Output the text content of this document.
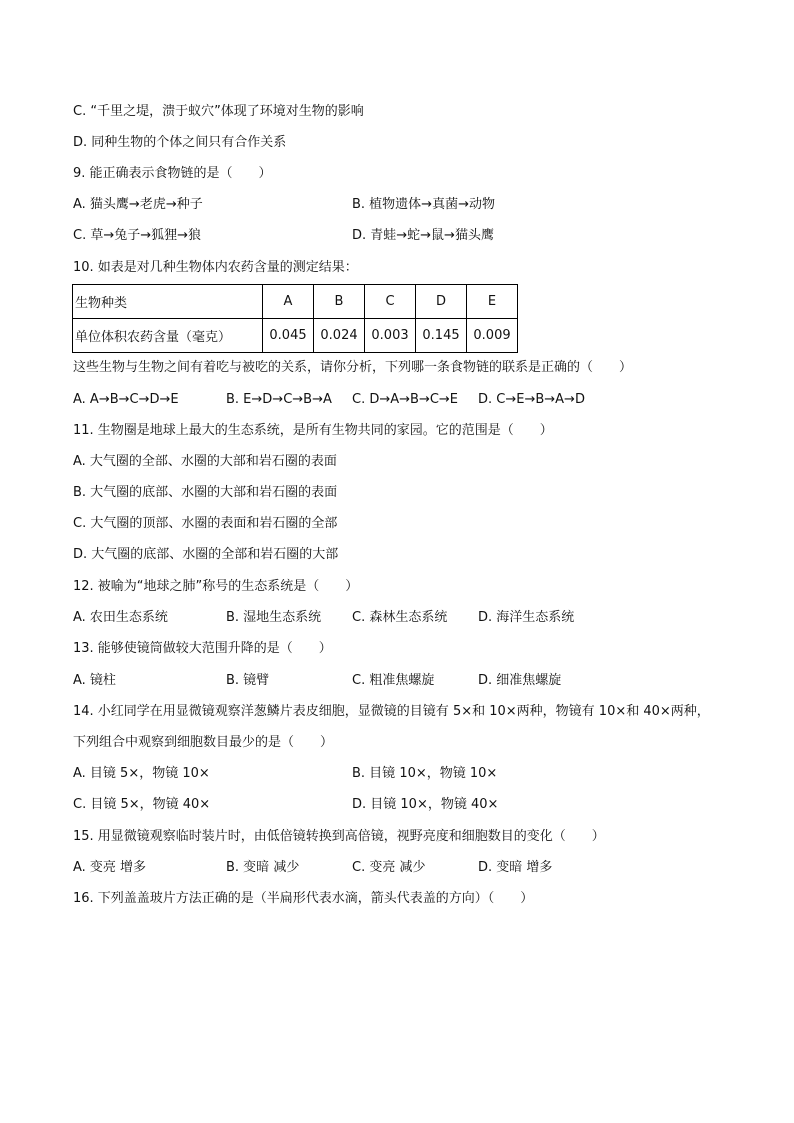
C. “千里之堤，溃于蚁穴”体现了环境对生物的影响
D. 同种生物的个体之间只有合作关系
9. 能正确表示食物链的是（　　）
A. 猫头鹰→老虎→种子	B. 植物遗体→真菌→动物
C. 草→兔子→狐狸→狼	D. 青蛙→蛇→鼠→猫头鹰
10. 如表是对几种生物体内农药含量的测定结果：
生物种类	A	B	C	D	E
单位体积农药含量（毫克）	0.045	0.024	0.003	0.145	0.009
这些生物与生物之间有着吃与被吃的关系，请你分析，下列哪一条食物链的联系是正确的（　　）
A. A→B→C→D→E	B. E→D→C→B→A C. D→A→B→C→E D. C→E→B→A→D
11. 生物圈是地球上最大的生态系统，是所有生物共同的家园。它的范围是（　　）
A. 大气圈的全部、水圈的大部和岩石圈的表面
B. 大气圈的底部、水圈的大部和岩石圈的表面
C. 大气圈的顶部、水圈的表面和岩石圈的全部
D. 大气圈的底部、水圈的全部和岩石圈的大部
12. 被喻为“地球之肺”称号的生态系统是（　　）
A. 农田生态系统	B. 湿地生态系统 C. 森林生态系统 D. 海洋生态系统
13. 能够使镜筒做较大范围升降的是（　　）
A. 镜柱	B. 镜臂	C. 粗准焦螺旋	D. 细准焦螺旋
14. 小红同学在用显微镜观察洋葱鳞片表皮细胞，显微镜的目镜有 5×和 10×两种，物镜有 10×和 40×两种，
下列组合中观察到细胞数目最少的是（　　）
A. 目镜 5×，物镜 10×	B. 目镜 10×，物镜 10×
C. 目镜 5×，物镜 40×	D. 目镜 10×，物镜 40×
15. 用显微镜观察临时装片时，由低倍镜转换到高倍镜，视野亮度和细胞数目的变化（　　）
A. 变亮 增多	B. 变暗 减少	C. 变亮 减少	D. 变暗 增多
16. 下列盖盖玻片方法正确的是（半扁形代表水滴，箭头代表盖的方向）（　　）
